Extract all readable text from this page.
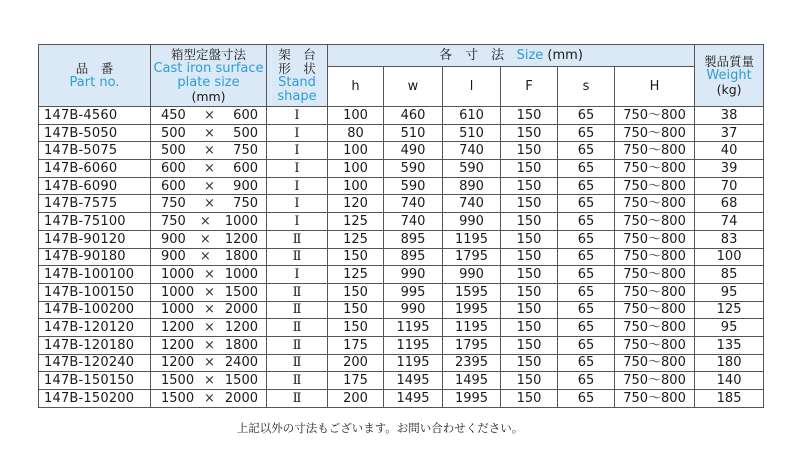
品　番
Part no.	箱型定盤寸法
Cast iron surface
plate size
(mm)	架　台
形　状
Stand
shape	各　寸　法 Size (mm)						製品質量
Weight
(kg)

			h	w	l	F	s	H	
147B-4560	450 × 600	Ⅰ	100	460	610	150	65	750～800	38
147B-5050	500 × 500	Ⅰ	80	510	510	150	65	750～800	37
147B-5075	500 × 750	Ⅰ	100	490	740	150	65	750～800	40
147B-6060	600 × 600	Ⅰ	100	590	590	150	65	750～800	39
147B-6090	600 × 900	Ⅰ	100	590	890	150	65	750～800	70
147B-7575	750 × 750	Ⅰ	120	740	740	150	65	750～800	68
147B-75100	750 × 1000	Ⅰ	125	740	990	150	65	750～800	74
147B-90120	900 × 1200	Ⅱ	125	895	1195	150	65	750～800	83
147B-90180	900 × 1800	Ⅱ	150	895	1795	150	65	750～800	100
147B-100100	1000 × 1000	Ⅰ	125	990	990	150	65	750～800	85
147B-100150	1000 × 1500	Ⅱ	150	995	1595	150	65	750～800	95
147B-100200	1000 × 2000	Ⅱ	150	990	1995	150	65	750～800	125
147B-120120	1200 × 1200	Ⅱ	150	1195	1195	150	65	750～800	95
147B-120180	1200 × 1800	Ⅱ	175	1195	1795	150	65	750～800	135
147B-120240	1200 × 2400	Ⅱ	200	1195	2395	150	65	750～800	180
147B-150150	1500 × 1500	Ⅱ	175	1495	1495	150	65	750～800	140
147B-150200	1500 × 2000	Ⅱ	200	1495	1995	150	65	750～800	185
上記以外の寸法もございます。お問い合わせください。
